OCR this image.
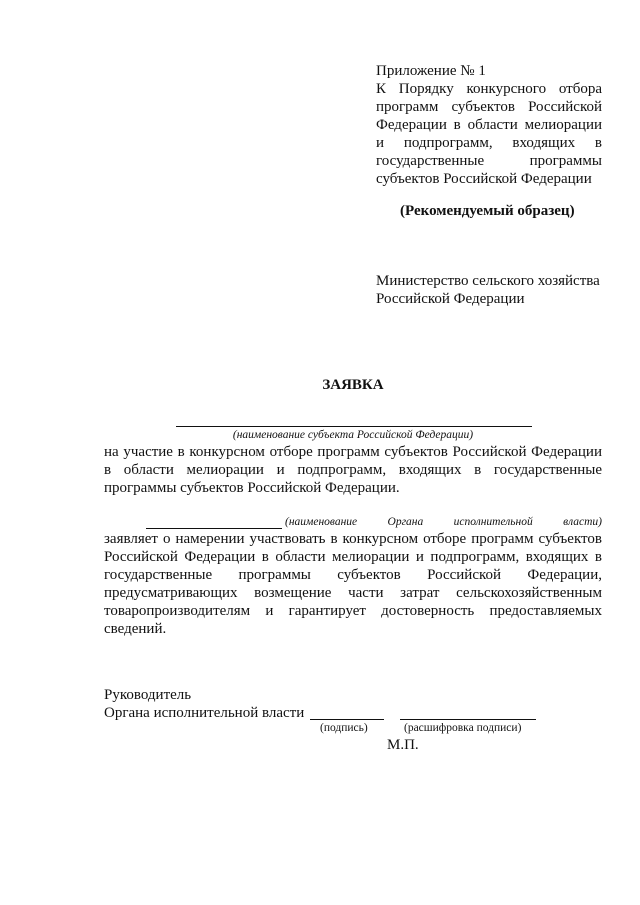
Приложение № 1
К Порядку конкурсного отбора
программ субъектов Российской
Федерации в области мелиорации
и подпрограмм, входящих в
государственные программы
субъектов Российской Федерации
(Рекомендуемый образец)
Министерство сельского хозяйства
Российской Федерации
ЗАЯВКА
(наименование субъекта Российской Федерации)
на участие в конкурсном отборе программ субъектов Российской Федерации
в области мелиорации и подпрограмм, входящих в государственные
программы субъектов Российской Федерации.
(наименование Органа исполнительной власти)
заявляет о намерении участвовать в конкурсном отборе программ субъектов
Российской Федерации в области мелиорации и подпрограмм, входящих в
государственные программы субъектов Российской Федерации,
предусматривающих возмещение части затрат сельскохозяйственным
товаропроизводителям и гарантирует достоверность предоставляемых
сведений.
Руководитель
Органа исполнительной власти
(подпись)	(расшифровка подписи)
М.П.
